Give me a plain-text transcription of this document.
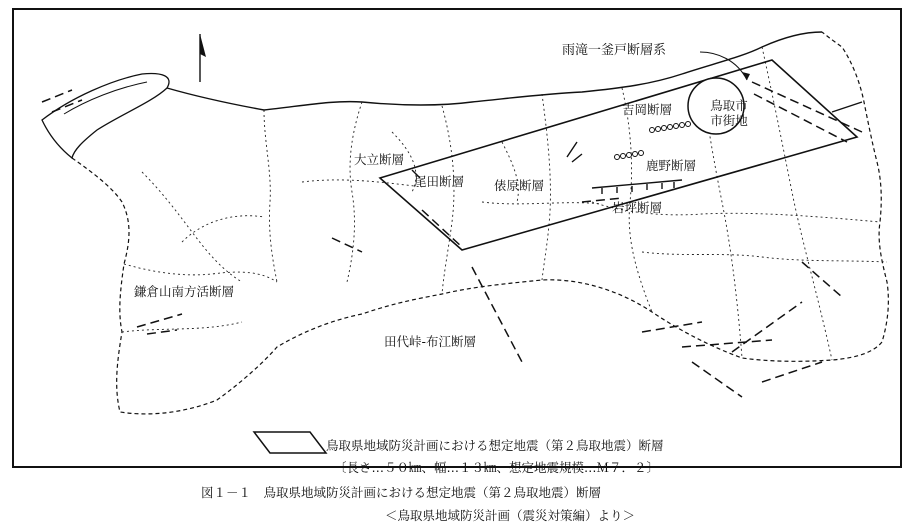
雨滝一釜戸断層系
吉岡断層	鳥取市
市街地
大立断層
尾田断層 俵原断層
鹿野断層
岩坪断層
鎌倉山南方活断層
田代峠-布江断層
鳥取県地域防災計画における想定地震（第２鳥取地震）断層
〔長さ…５０㎞、幅…１３㎞、想定地震規模…Ｍ７．２〕
図１－１　鳥取県地域防災計画における想定地震（第２鳥取地震）断層
＜鳥取県地域防災計画（震災対策編）より＞
